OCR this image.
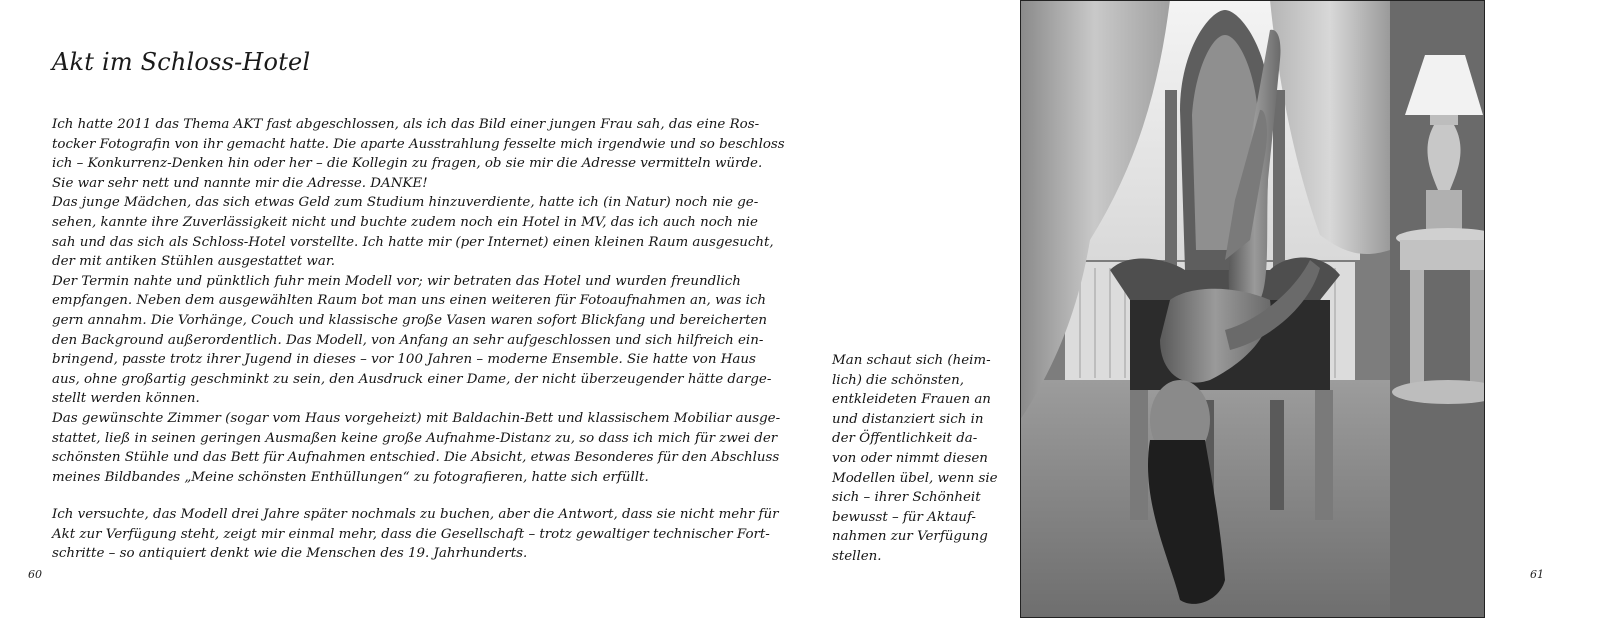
Akt im Schloss-Hotel
Ich hatte 2011 das Thema AKT fast abgeschlossen, als ich das Bild einer jungen Frau sah, das eine Ros-
tocker Fotografin von ihr gemacht hatte. Die aparte Ausstrahlung fesselte mich irgendwie und so beschloss
ich – Konkurrenz-Denken hin oder her – die Kollegin zu fragen, ob sie mir die Adresse vermitteln würde.
Sie war sehr nett und nannte mir die Adresse. DANKE!
Das junge Mädchen, das sich etwas Geld zum Studium hinzuverdiente, hatte ich (in Natur) noch nie ge-
sehen, kannte ihre Zuverlässigkeit nicht und buchte zudem noch ein Hotel in MV, das ich auch noch nie
sah und das sich als Schloss-Hotel vorstellte. Ich hatte mir (per Internet) einen kleinen Raum ausgesucht,
der mit antiken Stühlen ausgestattet war.
Der Termin nahte und pünktlich fuhr mein Modell vor; wir betraten das Hotel und wurden freundlich
empfangen. Neben dem ausgewählten Raum bot man uns einen weiteren für Fotoaufnahmen an, was ich
gern annahm. Die Vorhänge, Couch und klassische große Vasen waren sofort Blickfang und bereicherten
den Background außerordentlich. Das Modell, von Anfang an sehr aufgeschlossen und sich hilfreich ein-
bringend, passte trotz ihrer Jugend in dieses – vor 100 Jahren – moderne Ensemble. Sie hatte von Haus
aus, ohne großartig geschminkt zu sein, den Ausdruck einer Dame, der nicht überzeugender hätte darge-
stellt werden können.
Das gewünschte Zimmer (sogar vom Haus vorgeheizt) mit Baldachin-Bett und klassischem Mobiliar ausge-
stattet, ließ in seinen geringen Ausmaßen keine große Aufnahme-Distanz zu, so dass ich mich für zwei der
schönsten Stühle und das Bett für Aufnahmen entschied. Die Absicht, etwas Besonderes für den Abschluss
meines Bildbandes „Meine schönsten Enthüllungen“ zu fotografieren, hatte sich erfüllt.
Ich versuchte, das Modell drei Jahre später nochmals zu buchen, aber die Antwort, dass sie nicht mehr für
Akt zur Verfügung steht, zeigt mir einmal mehr, dass die Gesellschaft – trotz gewaltiger technischer Fort-
schritte – so antiquiert denkt wie die Menschen des 19. Jahrhunderts.
60
Man schaut sich (heim-
lich) die schönsten,
entkleideten Frauen an
und distanziert sich in
der Öffentlichkeit da-
von oder nimmt diesen
Modellen übel, wenn sie
sich – ihrer Schönheit
bewusst – für Aktauf-
nahmen zur Verfügung
stellen.
61
